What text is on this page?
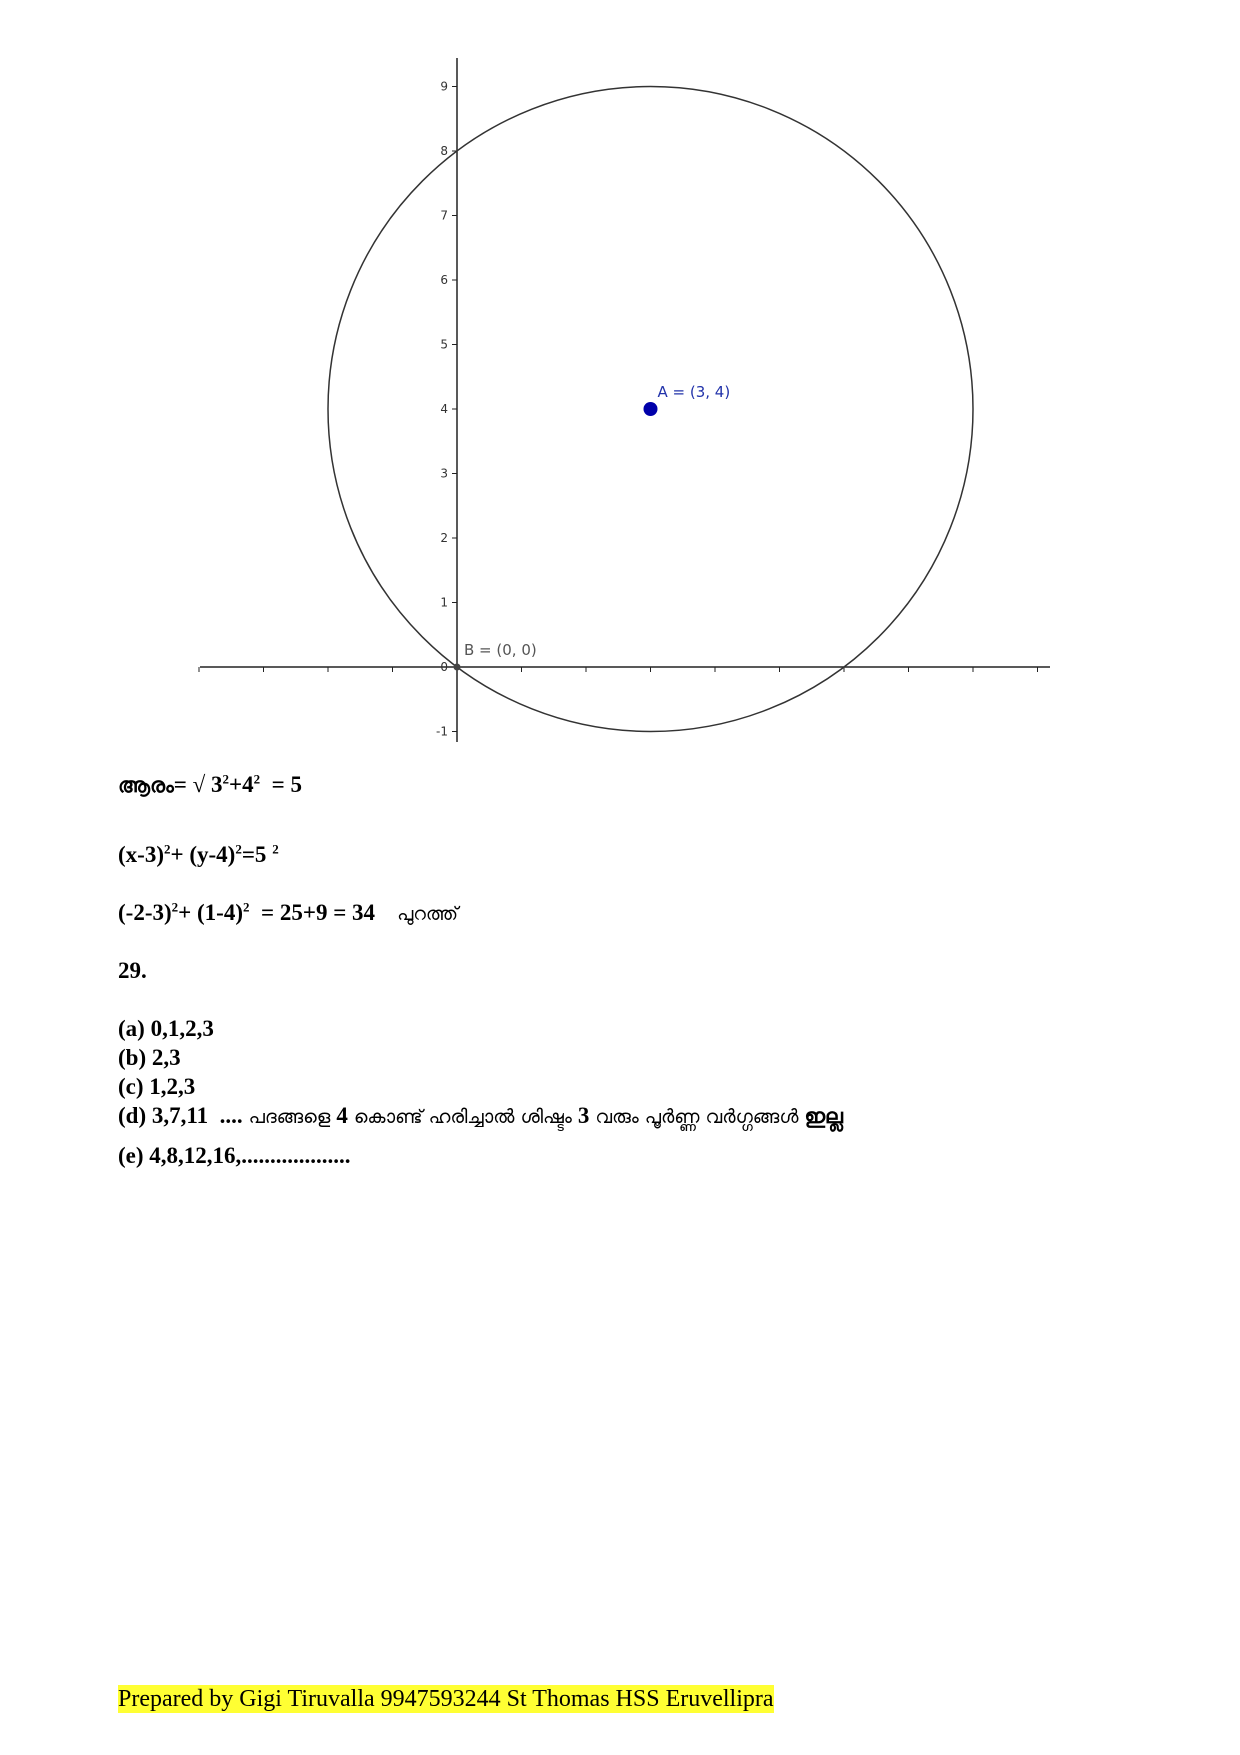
-1
0
1
2
3
4
5
6
7
8
9
A = (3, 4)
B = (0, 0)

ആരം= √ $3^2+4^2 = 5$

$(x-3)^2+ (y-4)^2=5$ $^2$

$(-2-3)^2+ (1-4)^2 = 25+9 = 34$ പുറത്ത്

29.

(a) 0,1,2,3

(b) 2,3

(c) 1,2,3

(d) 3,7,11  .... പദങ്ങളെ 4 കൊണ്ട് ഹരിച്ചാൽ ശിഷ്ടം 3 വരും പൂർണ്ണ വർഗ്ഗങ്ങൾ ഇല്ല

(e) 4,8,12,16,...................

Prepared by Gigi Tiruvalla 9947593244 St Thomas HSS Eruvellipra
